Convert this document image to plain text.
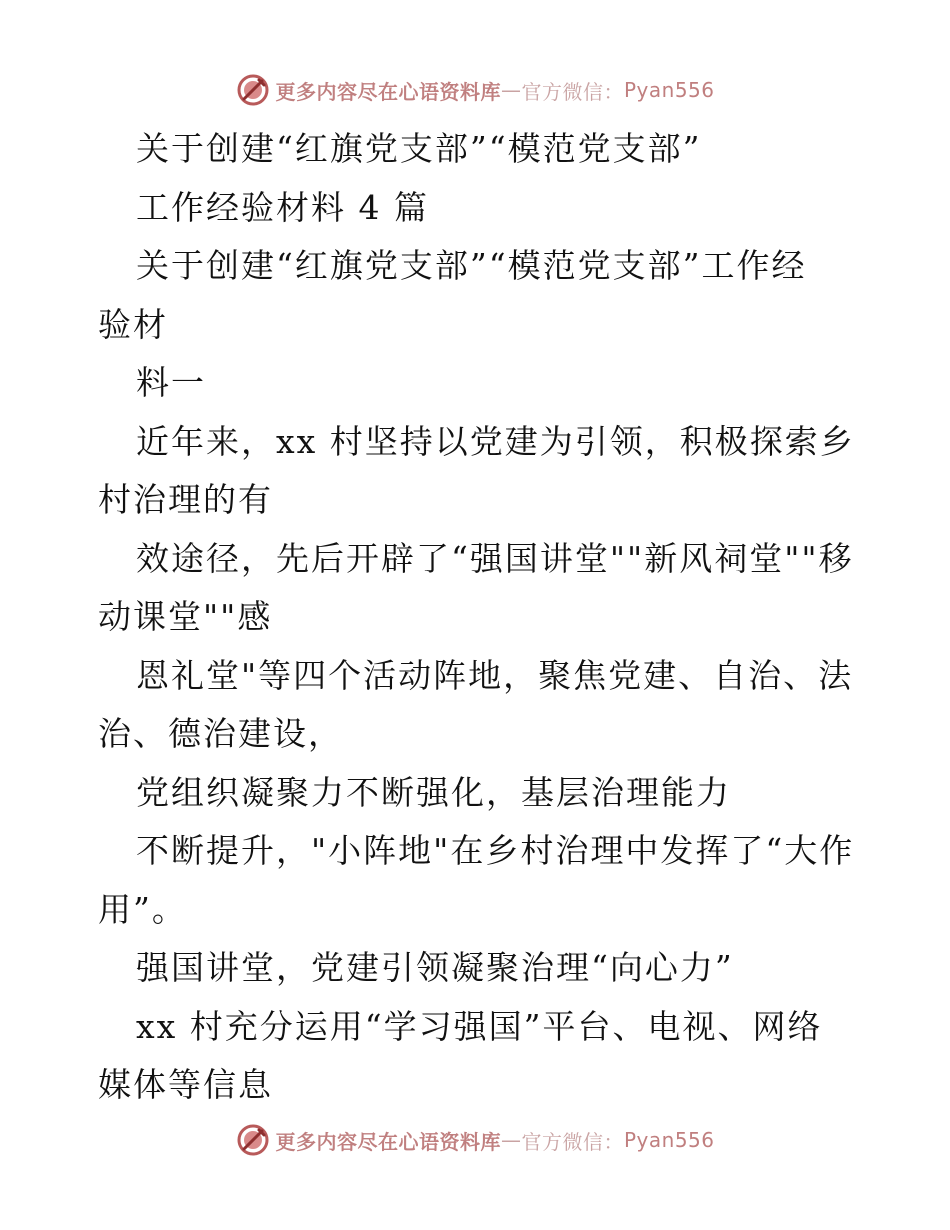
更多内容尽在心语资料库 — 官方微信： Pyan556
关于创建“红旗党支部”“模范党支部”
工作经验材料 4 篇
关于创建“红旗党支部”“模范党支部”工作经
验材
料一
近年来，xx 村坚持以党建为引领，积极探索乡
村治理的有
效途径，先后开辟了“强国讲堂""新风祠堂""移
动课堂""感
恩礼堂"等四个活动阵地，聚焦党建、自治、法
治、德治建设，
党组织凝聚力不断强化，基层治理能力
不断提升，"小阵地"在乡村治理中发挥了“大作
用”。
强国讲堂，党建引领凝聚治理“向心力”
xx 村充分运用“学习强国”平台、电视、网络
媒体等信息
更多内容尽在心语资料库 — 官方微信： Pyan556
